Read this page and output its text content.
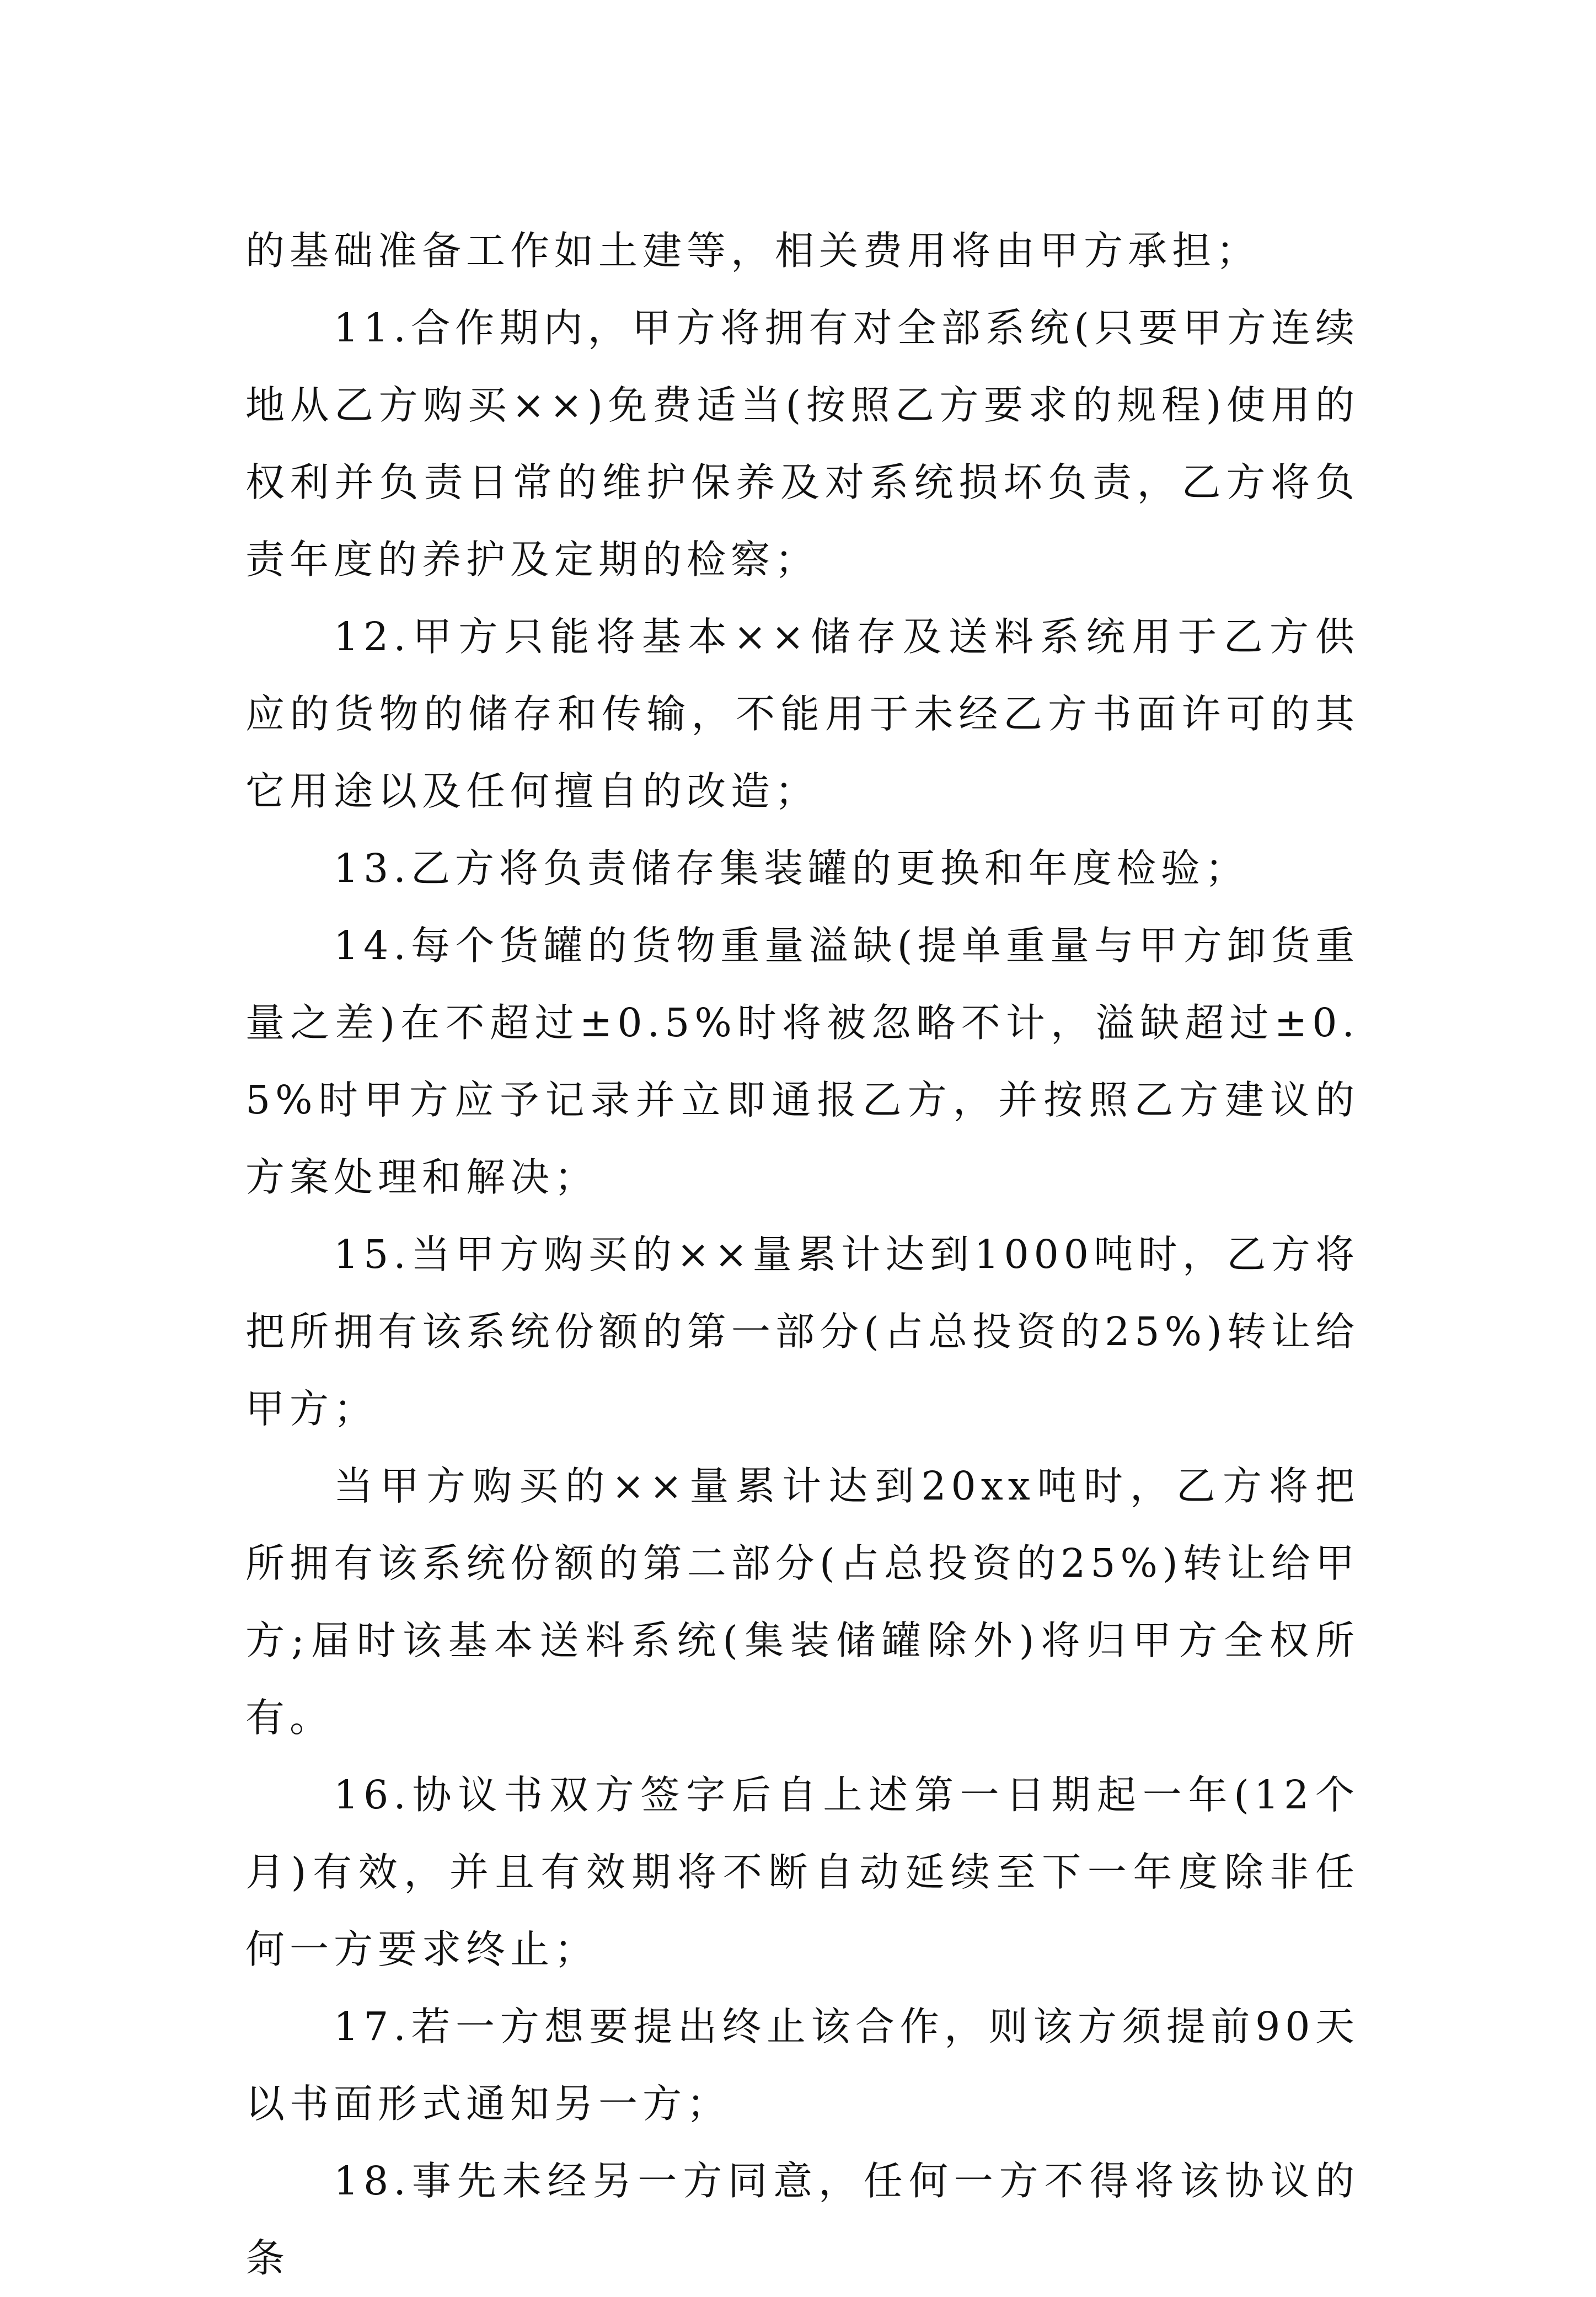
的基础准备工作如土建等，相关费用将由甲方承担；

11.合作期内，甲方将拥有对全部系统(只要甲方连续地从乙方购买××)免费适当(按照乙方要求的规程)使用的权利并负责日常的维护保养及对系统损坏负责，乙方将负责年度的养护及定期的检察；

12.甲方只能将基本××储存及送料系统用于乙方供应的货物的储存和传输，不能用于未经乙方书面许可的其它用途以及任何擅自的改造；

13.乙方将负责储存集装罐的更换和年度检验；

14.每个货罐的货物重量溢缺(提单重量与甲方卸货重量之差)在不超过±0.5%时将被忽略不计，溢缺超过±0.5%时甲方应予记录并立即通报乙方，并按照乙方建议的方案处理和解决；

15.当甲方购买的××量累计达到1000吨时，乙方将把所拥有该系统份额的第一部分(占总投资的25%)转让给甲方；

当甲方购买的××量累计达到20xx吨时，乙方将把所拥有该系统份额的第二部分(占总投资的25%)转让给甲方;届时该基本送料系统(集装储罐除外)将归甲方全权所有。

16.协议书双方签字后自上述第一日期起一年(12个月)有效，并且有效期将不断自动延续至下一年度除非任何一方要求终止；

17.若一方想要提出终止该合作，则该方须提前90天以书面形式通知另一方；

18.事先未经另一方同意，任何一方不得将该协议的条
